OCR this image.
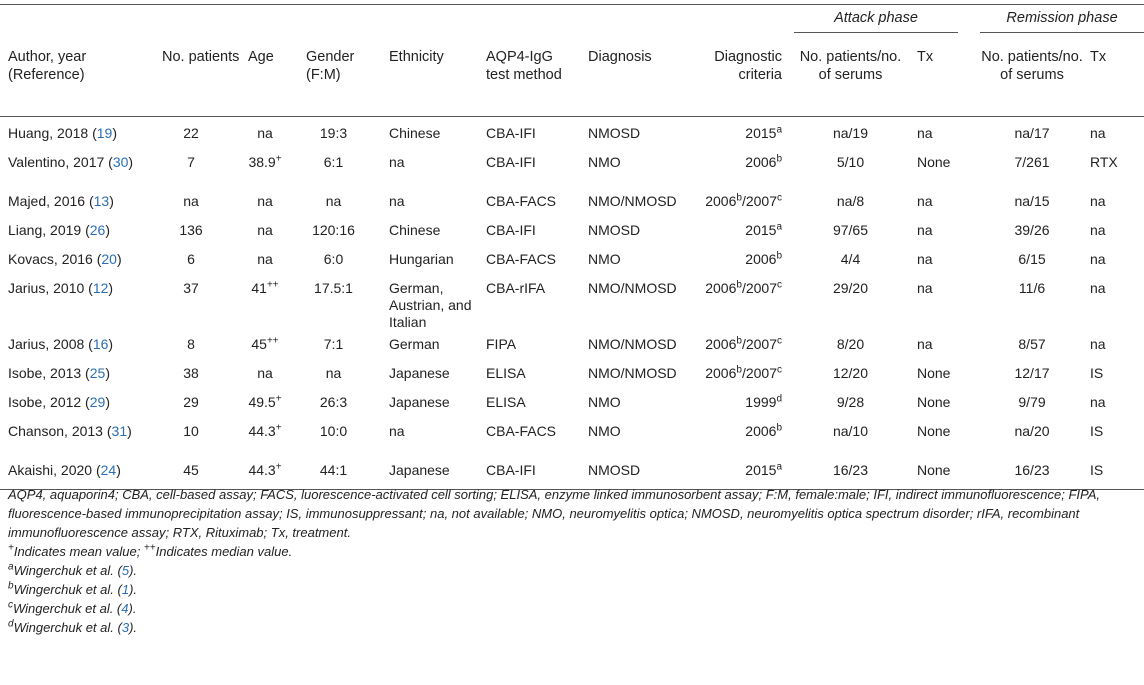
								Attack phase		Remission phase	

Author, year (Reference)	No. patients	Age	Gender (F:M)	Ethnicity	AQP4-IgG test method	Diagnosis	Diagnostic criteria	No. patients/no. of serums	Tx	No. patients/no. of serums	Tx

Huang, 2018 (19)	22	na	19:3	Chinese	CBA-IFI	NMOSD	2015$^a$	na/19	na	na/17	na
Valentino, 2017 (30)	7	38.9+	6:1	na	CBA-IFI	NMO	2006$^b$	5/10	None	7/261	RTX
Majed, 2016 (13)	na	na	na	na	CBA-FACS	NMO/NMOSD	2006$^b$/2007$^c$	na/8	na	na/15	na
Liang, 2019 (26)	136	na	120:16	Chinese	CBA-IFI	NMOSD	2015$^a$	97/65	na	39/26	na
Kovacs, 2016 (20)	6	na	6:0	Hungarian	CBA-FACS	NMO	2006$^b$	4/4	na	6/15	na
Jarius, 2010 (12)	37	41++	17.5:1	German, Austrian, and Italian	CBA-rIFA	NMO/NMOSD	2006$^b$/2007$^c$	29/20	na	11/6	na
Jarius, 2008 (16)	8	45++	7:1	German	FIPA	NMO/NMOSD	2006$^b$/2007$^c$	8/20	na	8/57	na
Isobe, 2013 (25)	38	na	na	Japanese	ELISA	NMO/NMOSD	2006$^b$/2007$^c$	12/20	None	12/17	IS
Isobe, 2012 (29)	29	49.5+	26:3	Japanese	ELISA	NMO	1999$^d$	9/28	None	9/79	na
Chanson, 2013 (31)	10	44.3+	10:0	na	CBA-FACS	NMO	2006$^b$	na/10	None	na/20	IS
Akaishi, 2020 (24)	45	44.3+	44:1	Japanese	CBA-IFI	NMOSD	2015$^a$	16/23	None	16/23	IS

AQP4, aquaporin4; CBA, cell-based assay; FACS, luorescence-activated cell sorting; ELISA, enzyme linked immunosorbent assay; F:M, female:male; IFI, indirect immunofluorescence; FIPA, fluorescence-based immunoprecipitation assay; IS, immunosuppressant; na, not available; NMO, neuromyelitis optica; NMOSD, neuromyelitis optica spectrum disorder; rIFA, recombinant immunofluorescence assay; RTX, Rituximab; Tx, treatment.
+Indicates mean value; ++Indicates median value.
$^a$Wingerchuk et al. (5).
$^b$Wingerchuk et al. (1).
$^c$Wingerchuk et al. (4).
$^d$Wingerchuk et al. (3).
